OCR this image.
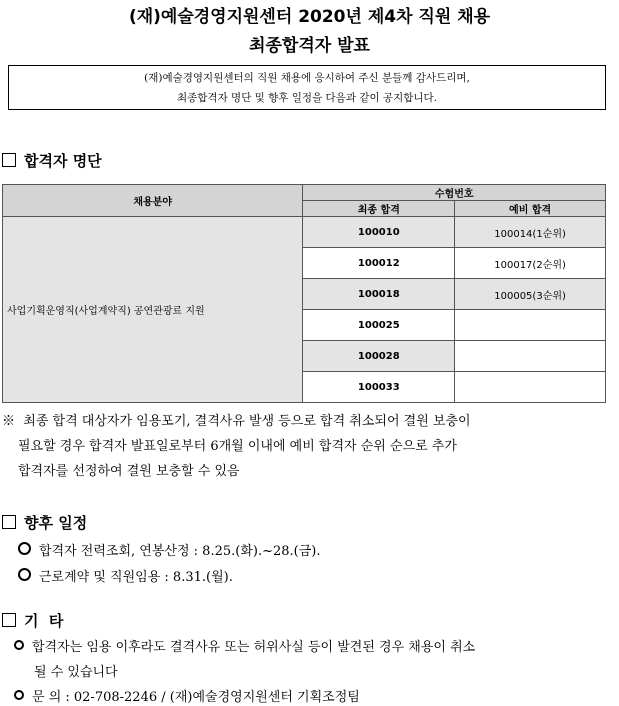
(재)예술경영지원센터 2020년 제4차 직원 채용
최종합격자 발표
(재)예술경영지원센터의 직원 채용에 응시하여 주신 분들께 감사드리며,
최종합격자 명단 및 향후 일정을 다음과 같이 공지합니다.
합격자 명단
채용분야	수험번호	
	최종 합격	예비 합격
사업기획운영직(사업계약직) 공연관광료 지원	100010	100014(1순위)
	100012	100017(2순위)
	100018	100005(3순위)
	100025	
	100028	
	100033	
※ 최종 합격 대상자가 임용포기, 결격사유 발생 등으로 합격 취소되어 결원 보충이
필요할 경우 합격자 발표일로부터 6개월 이내에 예비 합격자 순위 순으로 추가
합격자를 선정하여 결원 보충할 수 있음
향후 일정
합격자 전력조회, 연봉산정 : 8.25.(화).~28.(금).
근로계약 및 직원임용 : 8.31.(월).
기  타
합격자는 임용 이후라도 결격사유 또는 허위사실 등이 발견된 경우 채용이 취소
될 수 있습니다
문 의 : 02-708-2246 / (재)예술경영지원센터 기획조정팀
